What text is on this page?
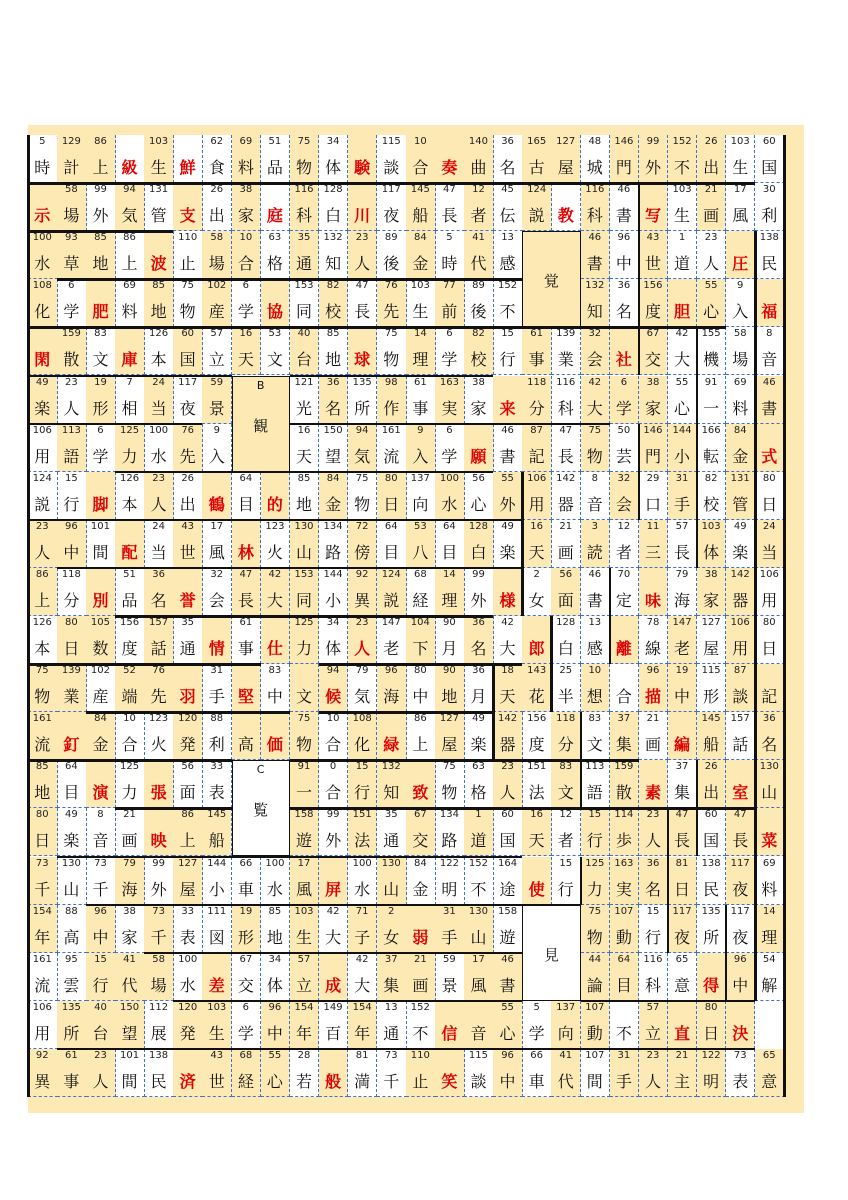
5
時
129
計
86
上 級
103
生 鮮
62
食
69
料
51
品
75
物
34
体 験
115
談
10
合 奏
140
曲
36
名
165
古
127
屋
48
城
146
門
99
外
152
不
26
出
103
生
60
国
示
58
場
99
外
94
気
131
管 支
26
出
38
家 庭
116
科
128
白 川
117
夜
145
船
47
長
12
者
45
伝
124
説 教
116
科
46
書 写
103
生
21
画
17
風
30
利
100
水
93
草
85
地
86
上 波
110
止
58
場
10
合
63
格
35
通
132
知
23
人
89
後
84
金
5
時
41
代
13
感
46
書
96
中
43
世
1
道
23
人 圧
138
民
108
化
6
学 肥
69
料
85
地
75
物
102
産
6
学 協
153
同
82
校
47
長
76
先
103
生
77
前
89
後
152
不
132
知
36
名
156
度 胆
55
心
9
入 福
閑
159
散
83
文 庫
126
本
60
国
57
立
16
天
53
文
40
台
85
地 球
75
物
14
理
6
学
82
校
15
行
61
事
139
業
32
会 社
67
交
42
大
155
機
58
場
8
音
49
楽
23
人
19
形
7
相
24
当
117
夜
59
景
121
光
36
名
135
所
98
作
61
事
163
実
38
家 来
118
分
116
科
42
大
6
学
38
家
55
心
91
一
69
料
46
書
106
用
113
語
6
学
125
力
100
水
76
先
9
入
16
天
150
望
94
気
161
流
9
入
6
学 願
46
書
87
記
47
長
75
物
50
芸
146
門
144
小
166
転
84
金 式
124
説
15
行 脚
126
本
23
人
26
出 鶴
64
目 的
85
地
84
金
75
物
80
日
137
向
100
水
56
心
55
外
106
用
142
器
8
音
32
会
29
口
31
手
82
校
131
管
80
日
23
人
96
中
101
間 配
24
当
43
世
17
風 林
123
火
130
山
134
路
72
傍
64
目
53
八
64
目
128
白
49
楽
16
天
21
画
3
読
12
者
11
三
57
長
103
体
49
楽
24
当
86
上
118
分 別
51
品
36
名 誉
32
会
47
長
42
大
153
同
144
小
92
異
124
説
68
経
14
理
99
外 様
2
女
56
面
46
書
70
定 味
79
海
38
家
142
器
106
用
126
本
80
日
105
数
156
度
157
話
35
通 情
61
事 仕
125
力
34
体
23
人
147
老
104
下
90
月
36
名
42
大 郎
128
白
13
感 離
78
線
147
老
127
屋
106
用
80
日
75
物
139
業
102
産
52
端
76
先 羽
31
手 堅
83
中 文
94
候
79
気
96
海
80
中
90
地
36
月
18
天
143
花
25
半
10
想 合
96
描
19
中
115
形
87
談 記
161
流 釘
84
金
10
合
123
火
120
発
88
利 高 価
75
物
10
合
108
化 緑
86
上
127
屋
49
楽
142
器
156
度
118
分
83
文
37
集
21
画 編
145
船
157
話
36
名
85
地
64
目 演
125
力 張
56
面
33
表
91
一
0
合
15
行
132
知 致
75
物
63
格
23
人
151
法
83
文
113
語
159
散 素
37
集
26
出 室
130
山
80
日
49
楽
8
音
21
画 映
86
上
145
船
158
遊
99
外
151
法
35
通
67
交
134
路
1
道
60
国
16
天
12
者
15
行
114
歩
23
人
47
長
60
国
47
長 菜
73
千
130
山
73
千
79
海
99
外
127
屋
144
小
66
車
100
水
17
風 屏
100
水
130
山
84
金
122
明
152
不
164
途 使
15
行
125
力
163
実
36
名
81
日
138
民
117
夜
69
料
154
年
88
高
96
中
38
家
73
千
33
表
111
図
19
形
85
地
103
生
42
大
71
子
2
女 弱
31
手
130
山
158
遊
75
物
107
動
15
行
117
夜
135
所
117
夜
14
理
161
流
95
雲
15
行
41
代
58
場
100
水 差
67
交
34
体
57
立 成
42
大
37
集
21
画
59
景
17
風
46
書
44
論
64
目
116
科
65
意 得
96
中
54
解
106
用
135
所
40
台
150
望
112
展
120
発
103
生
6
学
96
中
154
年
149
百
154
年
13
通
152
不 信 音
55
心
5
学
137
向
107
動 不
57
立 直
80
日 決
92
異
61
事
23
人
101
間
138
民 済
43
世
68
経
55
心
28
若 般
81
満
73
千
110
止 笑
115
談
96
中
66
車
41
代
107
間
31
手
23
人
21
主
122
明
73
表
65
意
覚
B
観
C
覧
見
